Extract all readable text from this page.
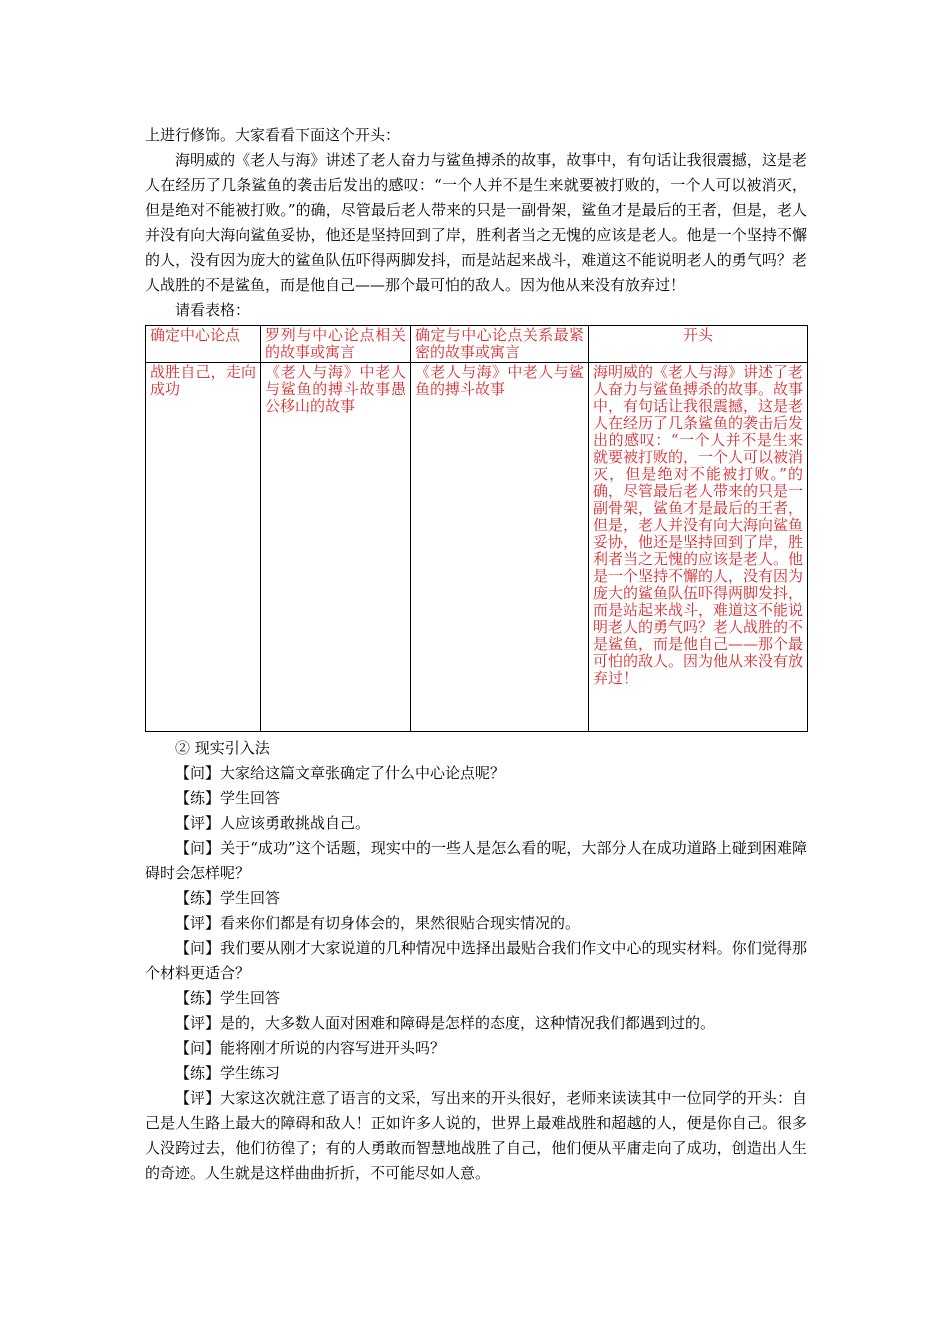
上进行修饰。大家看看下面这个开头：

海明威的《老人与海》讲述了老人奋力与鲨鱼搏杀的故事，故事中，有句话让我很震撼，这是老人在经历了几条鲨鱼的袭击后发出的感叹：“一个人并不是生来就要被打败的，一个人可以被消灭，但是绝对不能被打败。”的确，尽管最后老人带来的只是一副骨架，鲨鱼才是最后的王者，但是，老人并没有向大海向鲨鱼妥协，他还是坚持回到了岸，胜利者当之无愧的应该是老人。他是一个坚持不懈的人，没有因为庞大的鲨鱼队伍吓得两脚发抖，而是站起来战斗，难道这不能说明老人的勇气吗？老人战胜的不是鲨鱼，而是他自己——那个最可怕的敌人。因为他从来没有放弃过！

请看表格：

确定中心论点	罗列与中心论点相关的故事或寓言	确定与中心论点关系最紧密的故事或寓言	开头
战胜自己，走向成功	《老人与海》中老人与鲨鱼的搏斗故事愚公移山的故事	《老人与海》中老人与鲨鱼的搏斗故事	海明威的《老人与海》讲述了老人奋力与鲨鱼搏杀的故事。故事中，有句话让我很震撼，这是老人在经历了几条鲨鱼的袭击后发出的感叹：“一个人并不是生来就要被打败的，一个人可以被消灭，但是绝对不能被打败。”的确，尽管最后老人带来的只是一副骨架，鲨鱼才是最后的王者，但是，老人并没有向大海向鲨鱼妥协，他还是坚持回到了岸，胜利者当之无愧的应该是老人。他是一个坚持不懈的人，没有因为庞大的鲨鱼队伍吓得两脚发抖，而是站起来战斗，难道这不能说明老人的勇气吗？老人战胜的不是鲨鱼，而是他自己——那个最可怕的敌人。因为他从来没有放弃过！

② 现实引入法

【问】大家给这篇文章张确定了什么中心论点呢？

【练】学生回答

【评】人应该勇敢挑战自己。

【问】关于“成功”这个话题，现实中的一些人是怎么看的呢，大部分人在成功道路上碰到困难障碍时会怎样呢？

【练】学生回答

【评】看来你们都是有切身体会的，果然很贴合现实情况的。

【问】我们要从刚才大家说道的几种情况中选择出最贴合我们作文中心的现实材料。你们觉得那个材料更适合？

【练】学生回答

【评】是的，大多数人面对困难和障碍是怎样的态度，这种情况我们都遇到过的。

【问】能将刚才所说的内容写进开头吗？

【练】学生练习

【评】大家这次就注意了语言的文采，写出来的开头很好，老师来读读其中一位同学的开头：自己是人生路上最大的障碍和敌人！正如许多人说的，世界上最难战胜和超越的人，便是你自己。很多人没跨过去，他们彷徨了；有的人勇敢而智慧地战胜了自己，他们便从平庸走向了成功，创造出人生的奇迹。人生就是这样曲曲折折，不可能尽如人意。
